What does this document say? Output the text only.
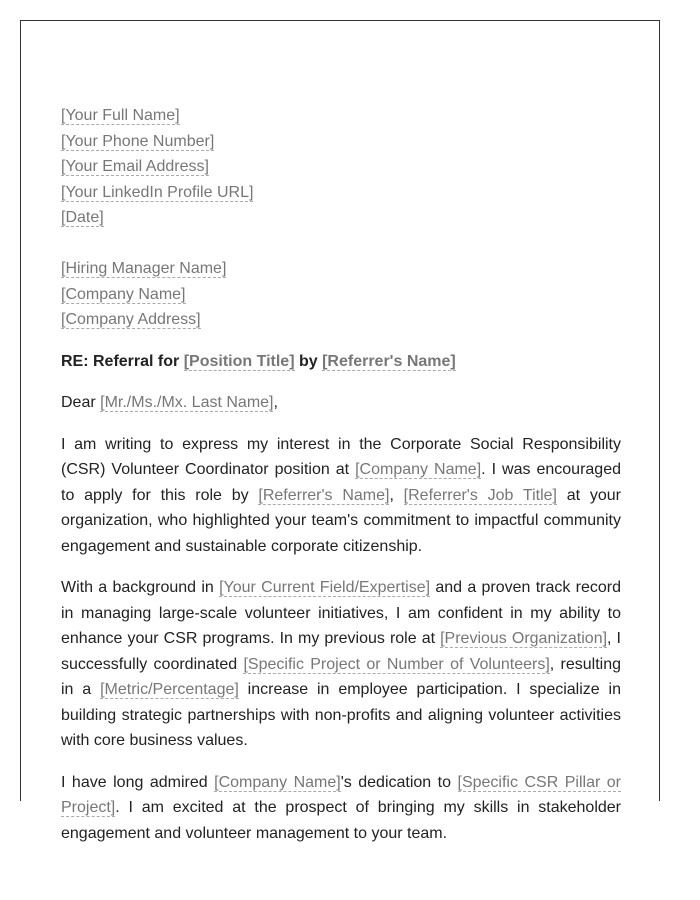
[Your Full Name]
[Your Phone Number]
[Your Email Address]
[Your LinkedIn Profile URL]
[Date]
[Hiring Manager Name]
[Company Name]
[Company Address]

RE: Referral for [Position Title] by [Referrer's Name]

Dear [Mr./Ms./Mx. Last Name],

I am writing to express my interest in the Corporate Social Responsibility (CSR) Volunteer Coordinator position at [Company Name]. I was encouraged to apply for this role by [Referrer's Name], [Referrer's Job Title] at your organization, who highlighted your team's commitment to impactful community engagement and sustainable corporate citizenship.

With a background in [Your Current Field/Expertise] and a proven track record in managing large-scale volunteer initiatives, I am confident in my ability to enhance your CSR programs. In my previous role at [Previous Organization], I successfully coordinated [Specific Project or Number of Volunteers], resulting in a [Metric/Percentage] increase in employee participation. I specialize in building strategic partnerships with non-profits and aligning volunteer activities with core business values.

I have long admired [Company Name]'s dedication to [Specific CSR Pillar or Project]. I am excited at the prospect of bringing my skills in stakeholder engagement and volunteer management to your team.
